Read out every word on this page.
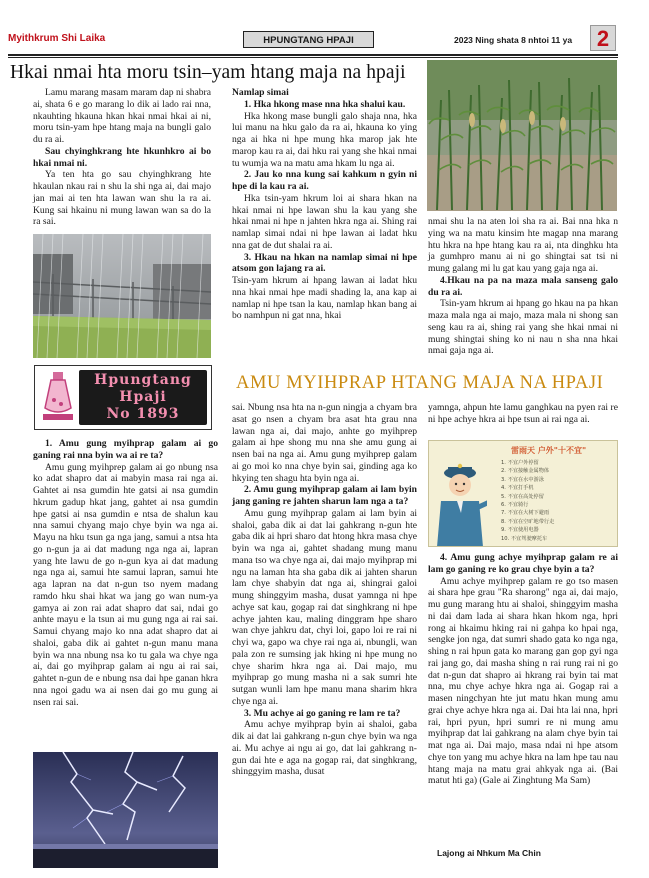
Myithkrum Shi Laika	HPUNGTANG HPAJI	2023 Ning shata 8 nhtoi 11 ya	2
Hkai nmai hta moru tsin–yam htang maja na hpaji

Lamu marang masam maram dap ni shabra ai, shata 6 e go marang lo dik ai lado rai nna, nkauhting hkauna hkan hkai nmai hkai ai ni, moru tsin-yam hpe htang maja na bungli galo du ra ai.

Sau chyinghkrang hte hkunhkro ai bo hkai nmai ni.

Ya ten hta go sau chyinghkrang hte hkaulan nkau rai n shu la shi nga ai, dai majo jan mai ai ten hta lawan wan shu la ra ai. Kung sai hkainu ni mung lawan wan sa do la ra sai.

Namlap simai

1. Hka hkong mase nna hka shalui kau.

Hka hkong mase bungli galo shaja nna, hka lui manu na hku galo da ra ai, hkauna ko ying nga ai hka ni hpe mung hka marop jak hte marop kau ra ai, dai hku rai yang she hkai nmai tu wumja wa na matu ama hkam lu nga ai.

2. Jau ko nna kung sai kahkum n gyin ni hpe di la kau ra ai.

Hka tsin-yam hkrum loi ai shara hkan na hkai nmai ni hpe lawan shu la kau yang she hkai nmai ni hpe n jahten hkra nga ai. Shing rai namlap simai ndai ni hpe lawan ai ladat hku nna gat de dut shalai ra ai.

3. Hkau na hkan na namlap simai ni hpe atsom gon lajang ra ai.

Tsin-yam hkrum ai hpang lawan ai ladat hku nna hkai nmai hpe madi shading la, ana kap ai namlap ni hpe tsan la kau, namlap hkan bang ai bo namhpun ni gat nna, hkai

nmai shu la na aten loi sha ra ai. Bai nna hka n ying wa na matu kinsim hte magap nna marang htu hkra na hpe htang kau ra ai, nta dinghku hta ja gumhpro manu ai ni go shingtai sat tsi ni mung galang mi lu gat kau yang gaja nga ai.

4.Hkau na pa na maza mala sanseng galo du ra ai.

Tsin-yam hkrum ai hpang go hkau na pa hkan maza mala nga ai majo, maza mala ni shong san seng kau ra ai, shing rai yang she hkai nmai ni mung shingtai shing ko ni nau n sha nna hkai nmai gaja nga ai.

Hpungtang
Hpaji
No 1893
AMU MYIHPRAP HTANG MAJA NA HPAJI

1. Amu gung myihprap galam ai go ganing rai nna byin wa ai re ta?

Amu gung myihprep galam ai go nbung nsa ko adat shapro dat ai mabyin masa rai nga ai. Gahtet ai nsa gumdin hte gatsi ai nsa gumdin hkrum gadup hkat jang, gahtet ai nsa gumdin hpe gatsi ai nsa gumdin e ntsa de shalun kau nna samui chyang majo chye byin wa nga ai. Mayu na hku tsun ga nga jang, samui a ntsa hta go n-gun ja ai dat madung nga nga ai, lapran yang hte lawu de go n-gun kya ai dat madung nga nga ai, samui hte samui lapran, samui hte aga lapran na dat n-gun tso nyem madang ramdo hku shai hkat wa jang go wan num-ya gamya ai zon rai adat shapro dat sai, ndai go anhte mayu e la tsun ai mu gung nga ai rai sai. Samui chyang majo ko nna adat shapro dat ai shaloi, gaba dik ai gahtet n-gun manu mana byin wa nna nbung nsa ko tu gala wa chye nga ai, dai go myihprap galam ai ngu ai rai sai, gahtet n-gun de e nbung nsa dai hpe ganan hkra nna ngoi gadu wa ai nsen dai go mu gung ai nsen rai sai.

sai. Nbung nsa hta na n-gun ningja a chyam bra asat go nsen a chyam bra asat hta grau nna lawan nga ai, dai majo, anhte go myihprep galam ai hpe shong mu nna she amu gung ai nsen bai na nga ai. Amu gung myihprep galam ai go moi ko nna chye byin sai, ginding aga ko hkying ten shagu hta byin nga ai.

2. Amu gung myihprap galam ai lam byin jang ganing re jahten sharun lam nga a ta?

Amu gung myihprap galam ai lam byin ai shaloi, gaba dik ai dat lai gahkrang n-gun hte gaba dik ai hpri sharo dat htong hkra masa chye byin wa nga ai, gahtet shadang mung manu mana tso wa chye nga ai, dai majo myihprap mi ngu na laman hta sha gaba dik ai jahten sharun lam chye shabyin dat nga ai, shingrai galoi mung shinggyim masha, dusat yamnga ni hpe achye sat kau, gogap rai dat singhkrang ni hpe achye jahten kau, maling dinggram hpe sharo wan chye jahkru dat, chyi loi, gapo loi re rai ni chyi wa, gapo wa chye rai nga ai, nbungli, wan pala zon re sumsing jak hking ni hpe mung no chye sharim hkra nga ai. Dai majo, mu myihprap go mung masha ni a sak sumri hte sutgan wunli lam hpe manu mana sharim hkra chye nga ai.

3. Mu achye ai go ganing re lam re ta?

Amu achye myihprap byin ai shaloi, gaba dik ai dat lai gahkrang n-gun chye byin wa nga ai. Mu achye ai ngu ai go, dat lai gahkrang n-gun dai hte e aga na gogap rai, dat singhkrang, shinggyim masha, dusat

yamnga, ahpun hte lamu ganghkau na pyen rai re ni hpe achye hkra ai hpe tsun ai rai nga ai.

雷雨天 户外"十不宜"
1. 不宜户外停留
2. 不宜接触金属物体
3. 不宜在水中游泳
4. 不宜打手机
5. 不宜在高处停留
6. 不宜骑行
7. 不宜在大树下避雨
8. 不宜在空旷地带行走
9. 不宜使用电器
10. 不宜驾驶摩托车

4. Amu gung achye myihprap galam re ai lam go ganing re ko grau chye byin a ta?

Amu achye myihprep galam re go tso masen ai shara hpe grau "Ra sharong" nga ai, dai majo, mu gung marang htu ai shaloi, shinggyim masha ni dai dam lada ai shara hkan hkom nga, hpri rong ai hkaimu hking rai ni gahpa ko hpai nga, sengke jon nga, dat sumri shado gata ko nga nga, shing n rai hpun gata ko marang gan gop gyi nga rai jang go, dai masha shing n rai rung rai ni go dat n-gun dat shapro ai hkrang rai byin tai mat nna, mu chye achye hkra nga ai. Gogap rai a masen ningchyan hte jut matu hkan mung amu grai chye achye hkra nga ai. Dai hta lai nna, hpri rai, hpri pyun, hpri sumri re ni mung amu myihprap dat lai gahkrang na alam chye byin tai mat nga ai. Dai majo, masa ndai ni hpe atsom chye ton yang mu achye hkra na lam hpe tau nau htang maja na matu grai ahkyak nga ai. (Bai matut hti ga) (Gale ai Zinghtung Ma Sam)

Lajong ai Nhkum Ma Chin
